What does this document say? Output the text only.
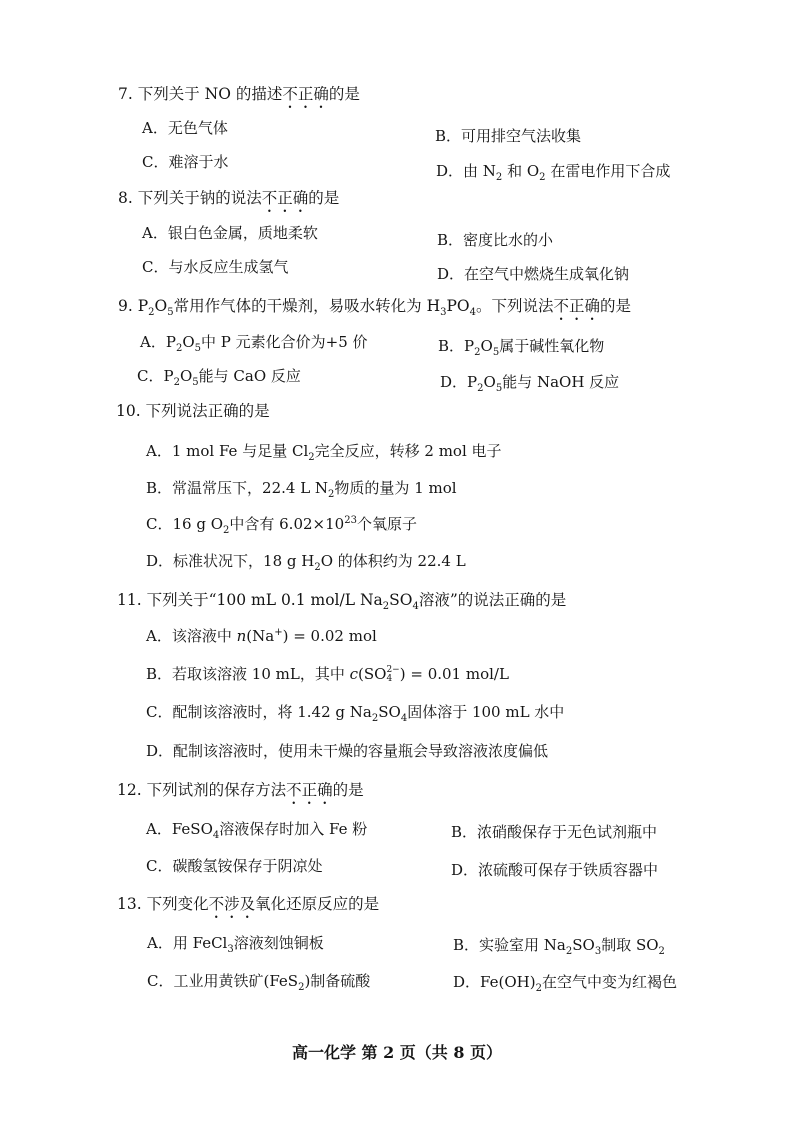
7. 下列关于 NO 的描述不正确的是
A．无色气体	B．可用排空气法收集
C．难溶于水	D．由 $N_2$ 和 $O_2$ 在雷电作用下合成
8. 下列关于钠的说法不正确的是
A．银白色金属，质地柔软	B．密度比水的小
C．与水反应生成氢气	D．在空气中燃烧生成氧化钠
9. $P_2O_5$常用作气体的干燥剂，易吸水转化为 $H_3PO_4$。下列说法不正确的是
A．$P_2O_5$中 P 元素化合价为+5 价	B．$P_2O_5$属于碱性氧化物
C．$P_2O_5$能与 CaO 反应	D．$P_2O_5$能与 NaOH 反应
10. 下列说法正确的是
A．1 mol Fe 与足量 $Cl_2$完全反应，转移 2 mol 电子
B．常温常压下，22.4 L $N_2$物质的量为 1 mol
C．16 g $O_2$中含有 $6.02\times 10^{23}$个氧原子
D．标准状况下，18 g $H_2O$ 的体积约为 22.4 L
11. 下列关于“100 mL 0.1 mol/L $Na_2SO_4$溶液”的说法正确的是
A．该溶液中 n(Na+) = 0.02 mol
B．若取该溶液 10 mL，其中 c(SO 2−
4 ) = 0.01 mol/L
C．配制该溶液时，将 1.42 g $Na_2SO_4$固体溶于 100 mL 水中
D．配制该溶液时，使用未干燥的容量瓶会导致溶液浓度偏低
12. 下列试剂的保存方法不正确的是
A．FeSO$_4$溶液保存时加入 Fe 粉	B．浓硝酸保存于无色试剂瓶中
C．碳酸氢铵保存于阴凉处	D．浓硫酸可保存于铁质容器中
13. 下列变化不涉及氧化还原反应的是
A．用 FeCl$_3$溶液刻蚀铜板	B．实验室用 $Na_2SO_3$制取 $SO_2$
C．工业用黄铁矿(FeS$_2$)制备硫酸	D．$Fe(OH)_2$在空气中变为红褐色
高一化学 第 2 页（共 8 页）
